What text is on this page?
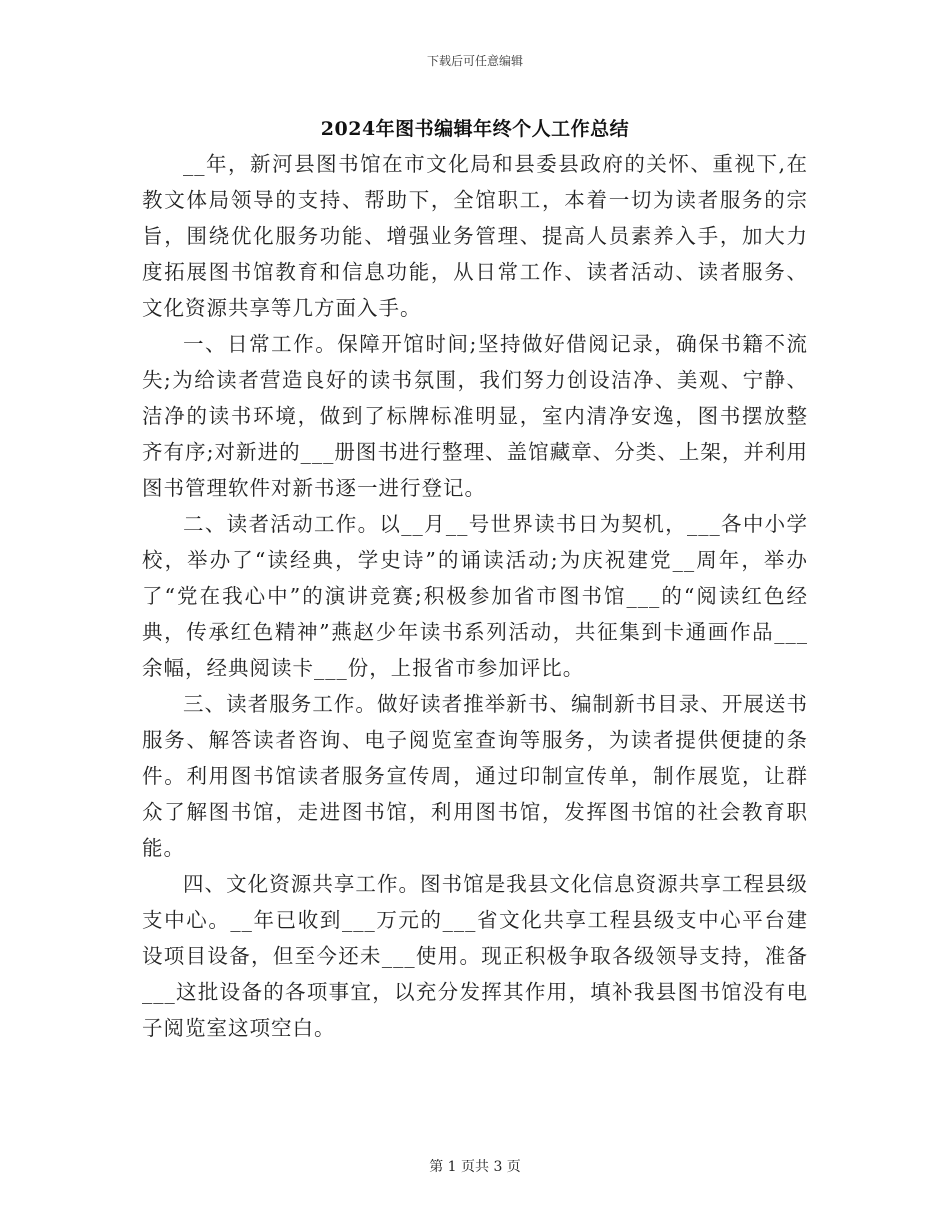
下载后可任意编辑
2024年图书编辑年终个人工作总结

__年，新河县图书馆在市文化局和县委县政府的关怀、重视下,在教文体局领导的支持、帮助下，全馆职工，本着一切为读者服务的宗旨，围绕优化服务功能、增强业务管理、提高人员素养入手，加大力度拓展图书馆教育和信息功能，从日常工作、读者活动、读者服务、文化资源共享等几方面入手。

一、日常工作。保障开馆时间;坚持做好借阅记录，确保书籍不流失;为给读者营造良好的读书氛围，我们努力创设洁净、美观、宁静、洁净的读书环境，做到了标牌标准明显，室内清净安逸，图书摆放整齐有序;对新进的___册图书进行整理、盖馆藏章、分类、上架，并利用图书管理软件对新书逐一进行登记。

二、读者活动工作。以__月__号世界读书日为契机，___各中小学校，举办了“读经典，学史诗”的诵读活动;为庆祝建党__周年，举办了“党在我心中”的演讲竞赛;积极参加省市图书馆___的“阅读红色经典，传承红色精神”燕赵少年读书系列活动，共征集到卡通画作品___余幅，经典阅读卡___份，上报省市参加评比。

三、读者服务工作。做好读者推举新书、编制新书目录、开展送书服务、解答读者咨询、电子阅览室查询等服务，为读者提供便捷的条件。利用图书馆读者服务宣传周，通过印制宣传单，制作展览，让群众了解图书馆，走进图书馆，利用图书馆，发挥图书馆的社会教育职能。

四、文化资源共享工作。图书馆是我县文化信息资源共享工程县级支中心。__年已收到___万元的___省文化共享工程县级支中心平台建设项目设备，但至今还未___使用。现正积极争取各级领导支持，准备___这批设备的各项事宜，以充分发挥其作用，填补我县图书馆没有电子阅览室这项空白。

第 1 页共 3 页
